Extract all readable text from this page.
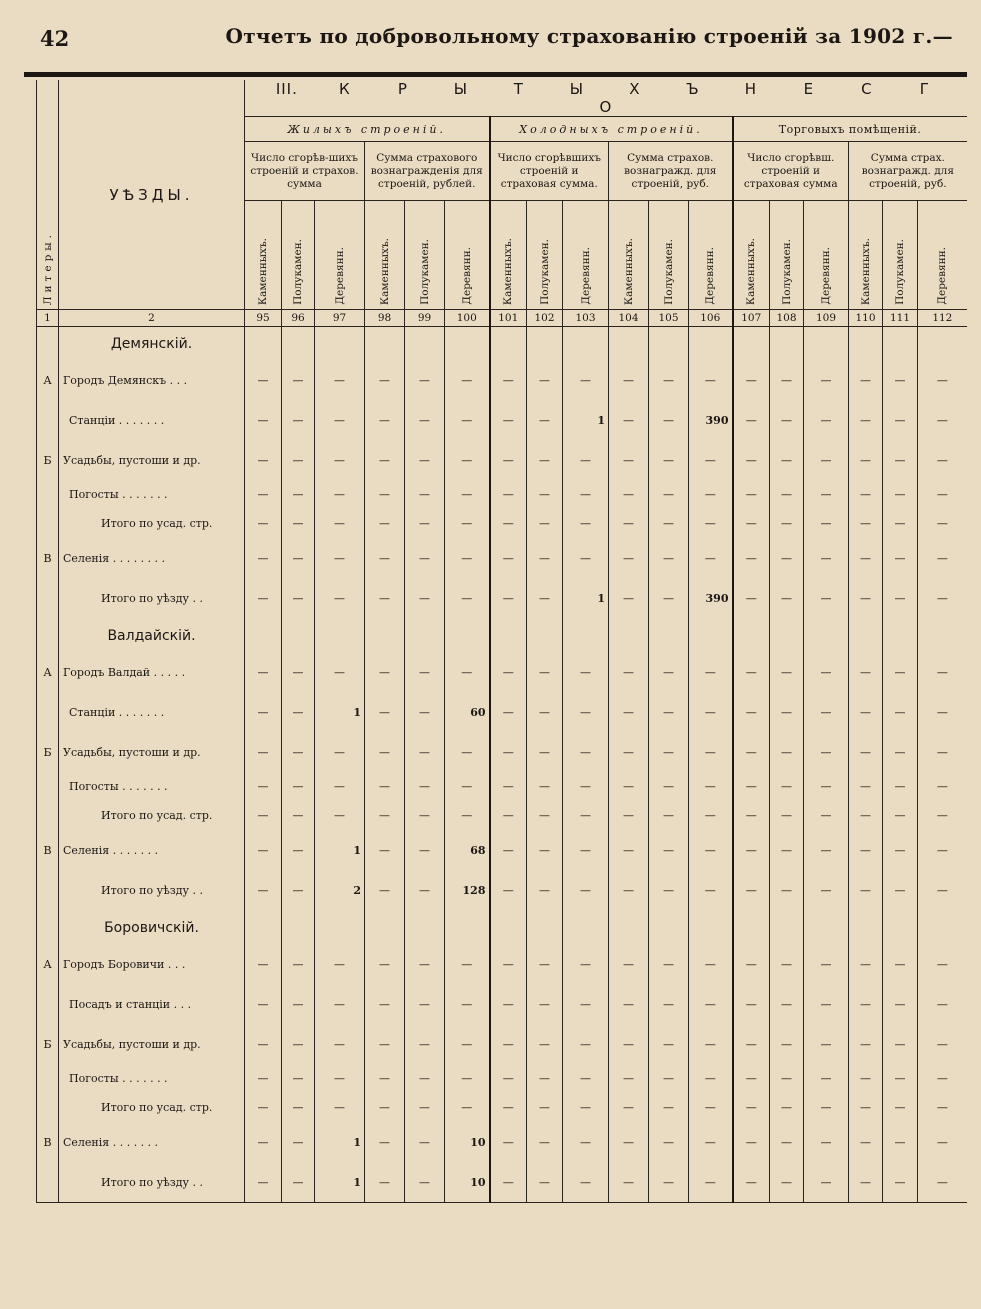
42	Отчетъ по добровольному страхованію строеній за 1902 г.—
Литеры.	УѢЗДЫ.	III. К Р Ы Т Ы Х Ъ Н Е С ГО																	
		Жилыхъ строеній.						Холодныхъ строеній.						Торговыхъ помѣщеній.					
		Число сгорѣв-шихъ строеній и страхов. сумма			Сумма страхового вознагражденія для строеній, рублей.			Число сгорѣвшихъ строеній и страховая сумма.			Сумма страхов. вознагражд. для строеній, руб.			Число сгорѣвш. строеній и страховая сумма			Сумма страх. вознагражд. для строеній, руб.		

		Каменныхъ.	Полукамен.	Деревянн.	Каменныхъ.	Полукамен.	Деревянн.	Каменныхъ.	Полукамен.	Деревянн.	Каменныхъ.	Полукамен.	Деревянн.	Каменныхъ.	Полукамен.	Деревянн.	Каменныхъ.	Полукамен.	Деревянн.

1	2	95	96	97	98	99	100	101	102	103	104	105	106	107	108	109	110	111	112
	Демянскій.																		
А	Городъ Демянскъ . . .	—	—	—	—	—	—	—	—	—	—	—	—	—	—	—	—	—	—
	Станціи . . . . . . .	—	—	—	—	—	—	—	—	1	—	—	390	—	—	—	—	—	—
Б	Усадьбы, пустоши и др.	—	—	—	—	—	—	—	—	—	—	—	—	—	—	—	—	—	—
	Погосты . . . . . . .	—	—	—	—	—	—	—	—	—	—	—	—	—	—	—	—	—	—
	Итого по усад. стр.	—	—	—	—	—	—	—	—	—	—	—	—	—	—	—	—	—	—
В	Селенія . . . . . . . .	—	—	—	—	—	—	—	—	—	—	—	—	—	—	—	—	—	—
	Итого по уѣзду . .	—	—	—	—	—	—	—	—	1	—	—	390	—	—	—	—	—	—
	Валдайскій.																		
А	Городъ Валдай . . . . .	—	—	—	—	—	—	—	—	—	—	—	—	—	—	—	—	—	—
	Станціи . . . . . . .	—	—	1	—	—	60	—	—	—	—	—	—	—	—	—	—	—	—
Б	Усадьбы, пустоши и др.	—	—	—	—	—	—	—	—	—	—	—	—	—	—	—	—	—	—
	Погосты . . . . . . .	—	—	—	—	—	—	—	—	—	—	—	—	—	—	—	—	—	—
	Итого по усад. стр.	—	—	—	—	—	—	—	—	—	—	—	—	—	—	—	—	—	—
В	Селенія . . . . . . .	—	—	1	—	—	68	—	—	—	—	—	—	—	—	—	—	—	—
	Итого по уѣзду . .	—	—	2	—	—	128	—	—	—	—	—	—	—	—	—	—	—	—
	Боровичскій.																		
А	Городъ Боровичи . . .	—	—	—	—	—	—	—	—	—	—	—	—	—	—	—	—	—	—
	Посадъ и станціи . . .	—	—	—	—	—	—	—	—	—	—	—	—	—	—	—	—	—	—
Б	Усадьбы, пустоши и др.	—	—	—	—	—	—	—	—	—	—	—	—	—	—	—	—	—	—
	Погосты . . . . . . .	—	—	—	—	—	—	—	—	—	—	—	—	—	—	—	—	—	—
	Итого по усад. стр.	—	—	—	—	—	—	—	—	—	—	—	—	—	—	—	—	—	—
В	Селенія . . . . . . .	—	—	1	—	—	10	—	—	—	—	—	—	—	—	—	—	—	—
	Итого по уѣзду . .	—	—	1	—	—	10	—	—	—	—	—	—	—	—	—	—	—	—
